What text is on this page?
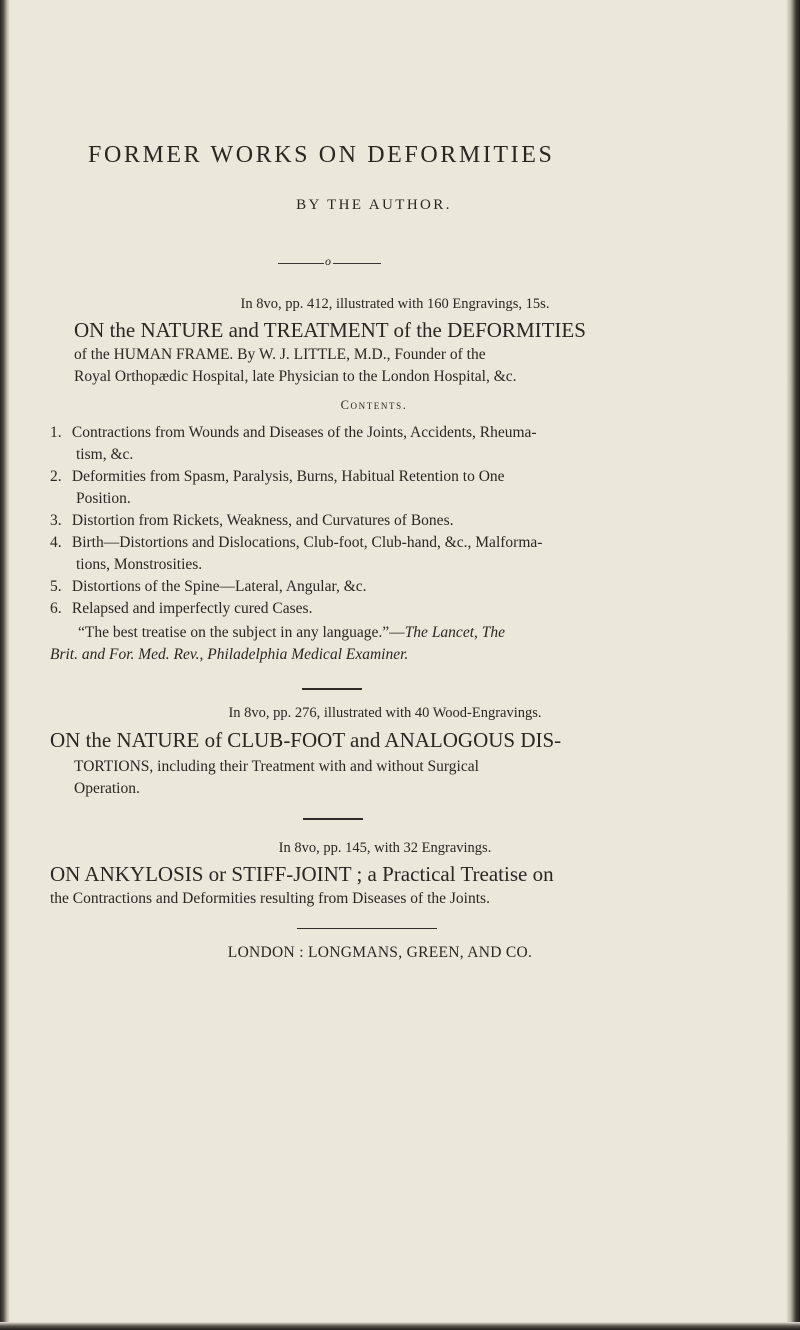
FORMER WORKS ON DEFORMITIES
BY THE AUTHOR.
o
In 8vo, pp. 412, illustrated with 160 Engravings, 15s.
ON the NATURE and TREATMENT of the DEFORMITIES
of the HUMAN FRAME. By W. J. LITTLE, M.D., Founder of the
Royal Orthopædic Hospital, late Physician to the London Hospital, &c.
Contents.
1. Contractions from Wounds and Diseases of the Joints, Accidents, Rheuma-
tism, &c.
2. Deformities from Spasm, Paralysis, Burns, Habitual Retention to One
Position.
3. Distortion from Rickets, Weakness, and Curvatures of Bones.
4. Birth—Distortions and Dislocations, Club-foot, Club-hand, &c., Malforma-
tions, Monstrosities.
5. Distortions of the Spine—Lateral, Angular, &c.
6. Relapsed and imperfectly cured Cases.
“The best treatise on the subject in any language.”—The Lancet, The
Brit. and For. Med. Rev., Philadelphia Medical Examiner.
In 8vo, pp. 276, illustrated with 40 Wood-Engravings.
ON the NATURE of CLUB-FOOT and ANALOGOUS DIS-
TORTIONS, including their Treatment with and without Surgical
Operation.
In 8vo, pp. 145, with 32 Engravings.
ON ANKYLOSIS or STIFF-JOINT ; a Practical Treatise on
the Contractions and Deformities resulting from Diseases of the Joints.
LONDON : LONGMANS, GREEN, AND CO.
